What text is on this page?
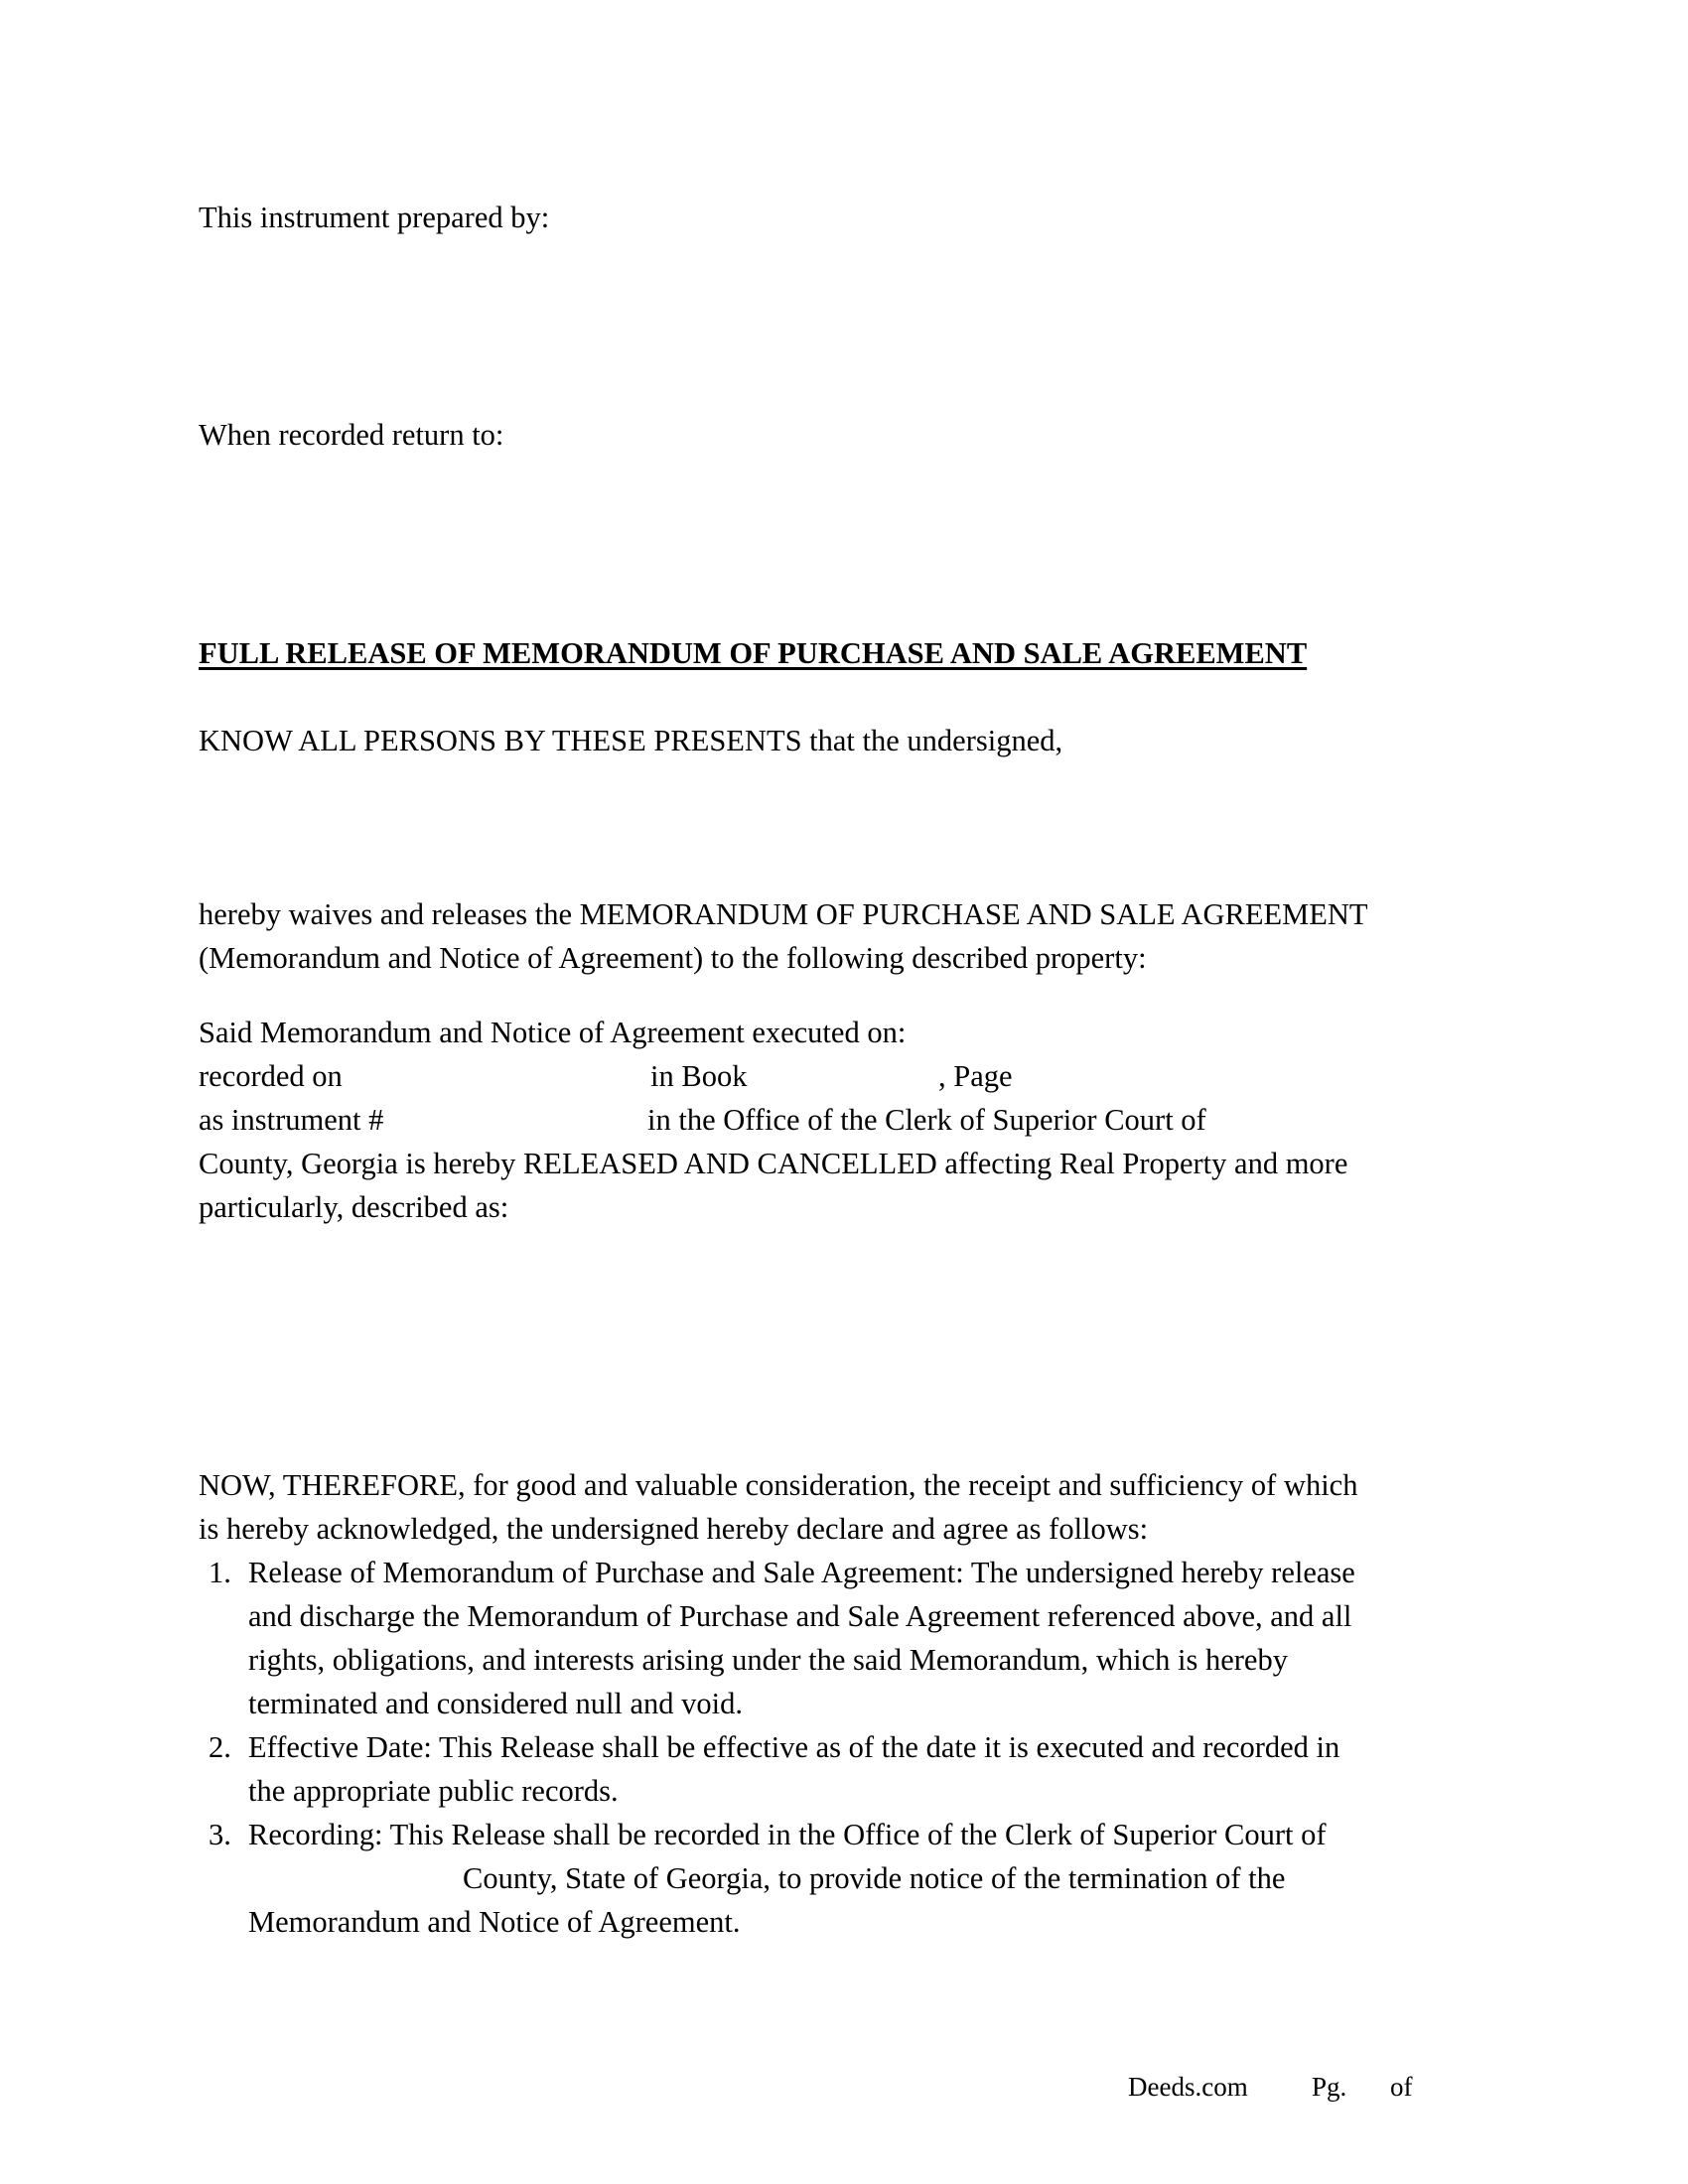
This instrument prepared by:
When recorded return to:
FULL RELEASE OF MEMORANDUM OF PURCHASE AND SALE AGREEMENT
KNOW ALL PERSONS BY THESE PRESENTS that the undersigned,
hereby waives and releases the MEMORANDUM OF PURCHASE AND SALE AGREEMENT
(Memorandum and Notice of Agreement) to the following described property:
Said Memorandum and Notice of Agreement executed on:
recorded on	in Book	, Page
as instrument #	in the Office of the Clerk of Superior Court of
County, Georgia is hereby RELEASED AND CANCELLED affecting Real Property and more
particularly, described as:
NOW, THEREFORE, for good and valuable consideration, the receipt and sufficiency of which
is hereby acknowledged, the undersigned hereby declare and agree as follows:
1. Release of Memorandum of Purchase and Sale Agreement: The undersigned hereby release
and discharge the Memorandum of Purchase and Sale Agreement referenced above, and all
rights, obligations, and interests arising under the said Memorandum, which is hereby
terminated and considered null and void.
2. Effective Date: This Release shall be effective as of the date it is executed and recorded in
the appropriate public records.
3. Recording: This Release shall be recorded in the Office of the Clerk of Superior Court of
County, State of Georgia, to provide notice of the termination of the
Memorandum and Notice of Agreement.
Deeds.com Pg. of
